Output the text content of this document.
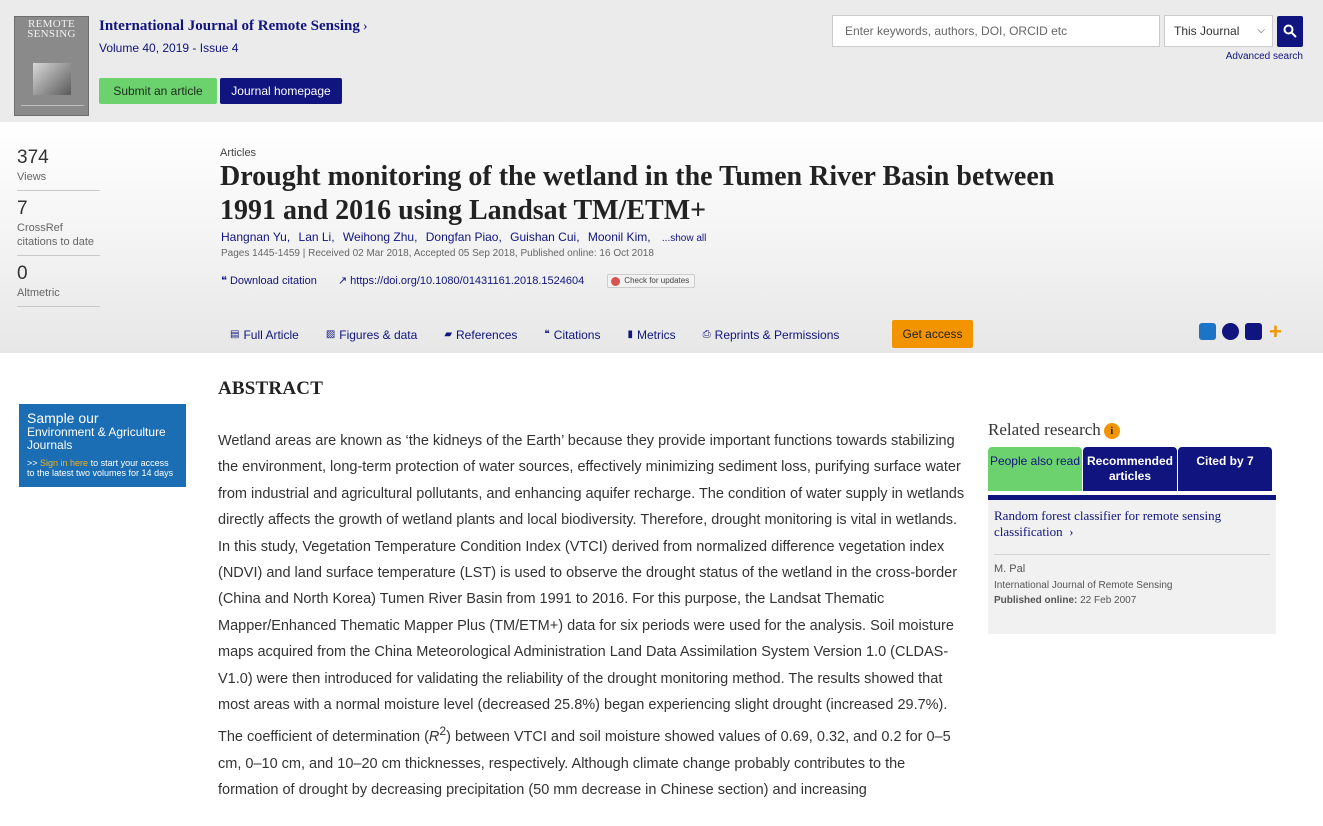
REMOTE SENSING	International Journal of Remote Sensing ›
Volume 40, 2019 - Issue 4
Submit an article	Journal homepage
Enter keywords, authors, DOI, ORCID etc
This Journal ⌵
Advanced search
374
Views
7
CrossRef citations to date
0
Altmetric
Articles
Drought monitoring of the wetland in the Tumen River Basin between 1991 and 2016 using Landsat TM/ETM+
Hangnan Yu, Lan Li, Weihong Zhu, Dongfan Piao, Guishan Cui, Moonil Kim, ...show all
Pages 1445-1459 | Received 02 Mar 2018, Accepted 05 Sep 2018, Published online: 16 Oct 2018
❝ Download citation ↗ https://doi.org/10.1080/01431161.2018.1524604	Check for updates
▤ Full Article	▨ Figures & data	▰ References	❝ Citations	▮ Metrics	⎙ Reprints & Permissions	Get access	+
Sample our
Environment & Agriculture
Journals
>> Sign in here to start your access to the latest two volumes for 14 days
ABSTRACT

Wetland areas are known as ‘the kidneys of the Earth’ because they provide important functions towards stabilizing the environment, long-term protection of water sources, effectively minimizing sediment loss, purifying surface water from industrial and agricultural pollutants, and enhancing aquifer recharge. The condition of water supply in wetlands directly affects the growth of wetland plants and local biodiversity. Therefore, drought monitoring is vital in wetlands. In this study, Vegetation Temperature Condition Index (VTCI) derived from normalized difference vegetation index (NDVI) and land surface temperature (LST) is used to observe the drought status of the wetland in the cross-border (China and North Korea) Tumen River Basin from 1991 to 2016. For this purpose, the Landsat Thematic Mapper/Enhanced Thematic Mapper Plus (TM/ETM+) data for six periods were used for the analysis. Soil moisture maps acquired from the China Meteorological Administration Land Data Assimilation System Version 1.0 (CLDAS-V1.0) were then introduced for validating the reliability of the drought monitoring method. The results showed that most areas with a normal moisture level (decreased 25.8%) began experiencing slight drought (increased 29.7%). The coefficient of determination $(R^2)$ between VTCI and soil moisture showed values of 0.69, 0.32, and 0.2 for 0–5 cm, 0–10 cm, and 10–20 cm thicknesses, respectively. Although climate change probably contributes to the formation of drought by decreasing precipitation (50 mm decrease in Chinese section) and increasing

Related research i
People also read Recommended articles
Cited by 7
Random forest classifier for remote sensing classification  ›
M. Pal
International Journal of Remote Sensing
Published online: 22 Feb 2007
